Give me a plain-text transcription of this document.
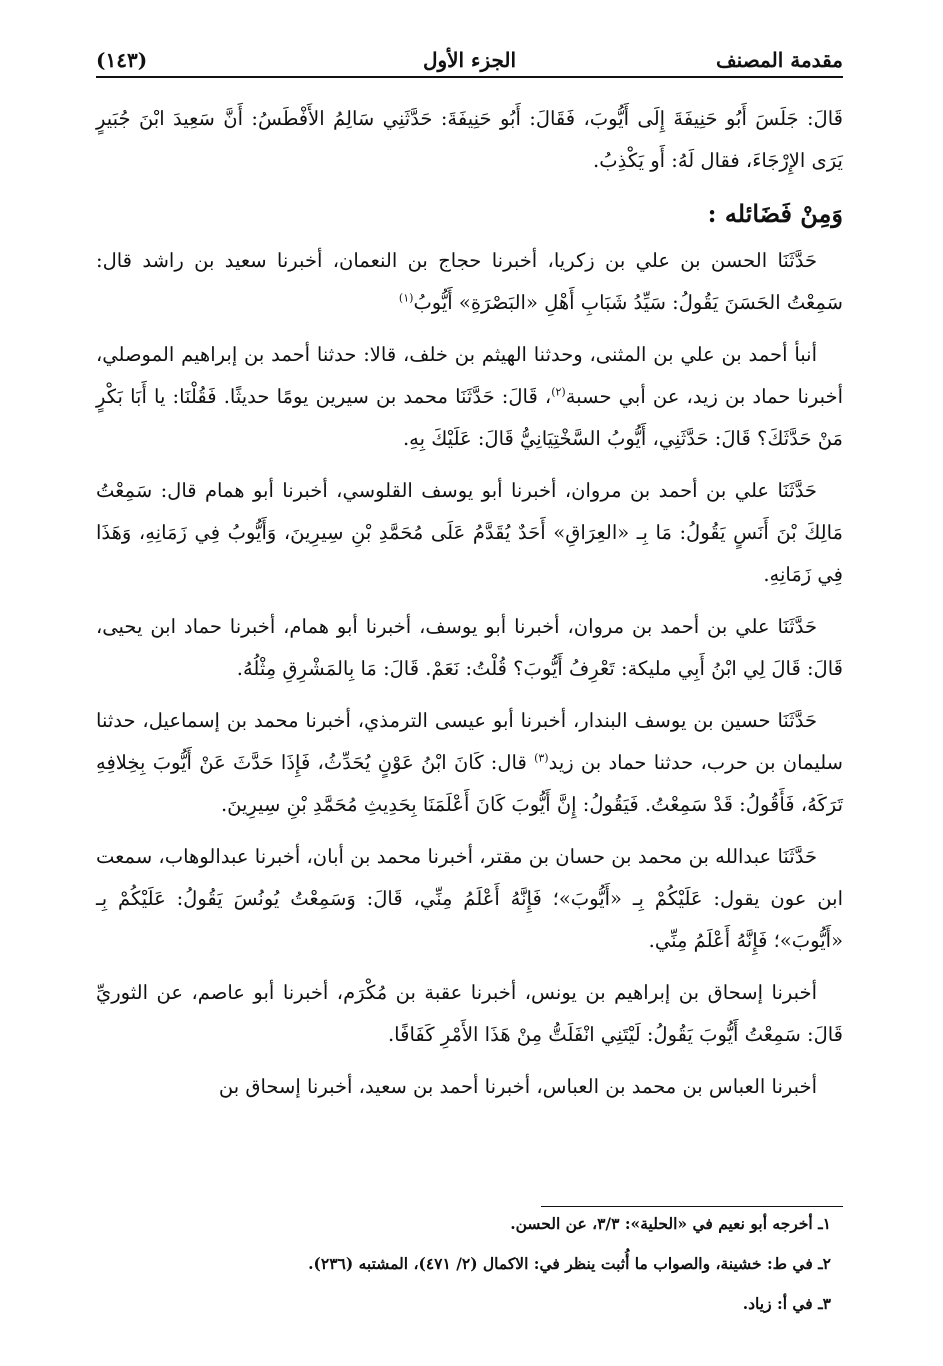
مقدمة المصنف
الجزء الأول
(١٤٣)

قَالَ: جَلَسَ أَبُو حَنِيفَةَ إِلَى أَيُّوبَ، فَقَالَ: أَبُو حَنِيفَةَ: حَدَّثَنِي سَالِمُ الأَفْطَسُ: أَنَّ سَعِيدَ ابْنَ جُبَيرٍ يَرَى الإِرْجَاءَ، فقال لَهُ: أَو يَكْذِبُ.

وَمِنْ فَضَائله :

حَدَّثَنَا الحسن بن علي بن زكريا، أخبرنا حجاج بن النعمان، أخبرنا سعيد بن راشد قال: سَمِعْتُ الحَسَنَ يَقُولُ: سَيِّدُ شَبَابِ أَهْلِ «البَصْرَةِ» أَيُّوبُ$^{(١)}$

أنبأ أحمد بن علي بن المثنى، وحدثنا الهيثم بن خلف، قالا: حدثنا أحمد بن إبراهيم الموصلي، أخبرنا حماد بن زيد، عن أبي حسبة$^{(٢)}$، قَالَ: حَدَّثَنَا محمد بن سيرين يومًا حديثًا. فَقُلْنَا: يا أَبَا بَكْرٍ مَنْ حَدَّثَكَ؟ قَالَ: حَدَّثَنِي، أَيُّوبُ السَّخْتِيَانِيُّ قَالَ: عَلَيْكَ بِهِ.

حَدَّثَنَا علي بن أحمد بن مروان، أخبرنا أبو يوسف القلوسي، أخبرنا أبو همام قال: سَمِعْتُ مَالِكَ بْنَ أَنَسٍ يَقُولُ: مَا بِـ «العِرَاقِ» أَحَدٌ يُقَدَّمُ عَلَى مُحَمَّدِ بْنِ سِيرِينَ، وَأَيُّوبُ فِي زَمَانِهِ، وَهَذَا فِي زَمَانِهِ.

حَدَّثَنَا علي بن أحمد بن مروان، أخبرنا أبو يوسف، أخبرنا أبو همام، أخبرنا حماد ابن يحيى، قَالَ: قَالَ لِي ابْنُ أَبِي مليكة: تَعْرِفُ أَيُّوبَ؟ قُلْتُ: نَعَمْ. قَالَ: مَا بِالمَشْرِقِ مِثْلُهُ.

حَدَّثَنَا حسين بن يوسف البندار، أخبرنا أبو عيسى الترمذي، أخبرنا محمد بن إسماعيل، حدثنا سليمان بن حرب، حدثنا حماد بن زيد$^{(٣)}$ قال: كَانَ ابْنُ عَوْنٍ يُحَدِّثُ، فَإِذَا حَدَّثَ عَنْ أَيُّوبَ بِخِلافِهِ تَرَكَهُ، فَأَقُولُ: قَدْ سَمِعْتُ. فَيَقُولُ: إِنَّ أَيُّوبَ كَانَ أَعْلَمَنَا بِحَدِيثِ مُحَمَّدِ بْنِ سِيرِينَ.

حَدَّثَنَا عبدالله بن محمد بن حسان بن مقتر، أخبرنا محمد بن أبان، أخبرنا عبدالوهاب، سمعت ابن عون يقول: عَلَيْكُمْ بِـ «أَيُّوبَ»؛ فَإِنَّهُ أَعْلَمُ مِنِّي، قَالَ: وَسَمِعْتُ يُونُسَ يَقُولُ: عَلَيْكُمْ بِـ «أَيُّوبَ»؛ فَإِنَّهُ أَعْلَمُ مِنِّي.

أخبرنا إسحاق بن إبراهيم بن يونس، أخبرنا عقبة بن مُكْرَم، أخبرنا أبو عاصم، عن الثوريِّ قَالَ: سَمِعْتُ أَيُّوبَ يَقُولُ: لَيْتَنِي انْفَلَتُّ مِنْ هَذَا الأَمْرِ كَفَافًا.

أخبرنا العباس بن محمد بن العباس، أخبرنا أحمد بن سعيد، أخبرنا إسحاق بن

١ـ أخرجه أبو نعيم في «الحلية»: ٣/٣، عن الحسن.

٢ـ في ط: خشينة، والصواب ما أُثبت ينظر في: الاكمال (٢/ ٤٧١)، المشتبه (٢٣٦).

٣ـ في أ: زياد.
